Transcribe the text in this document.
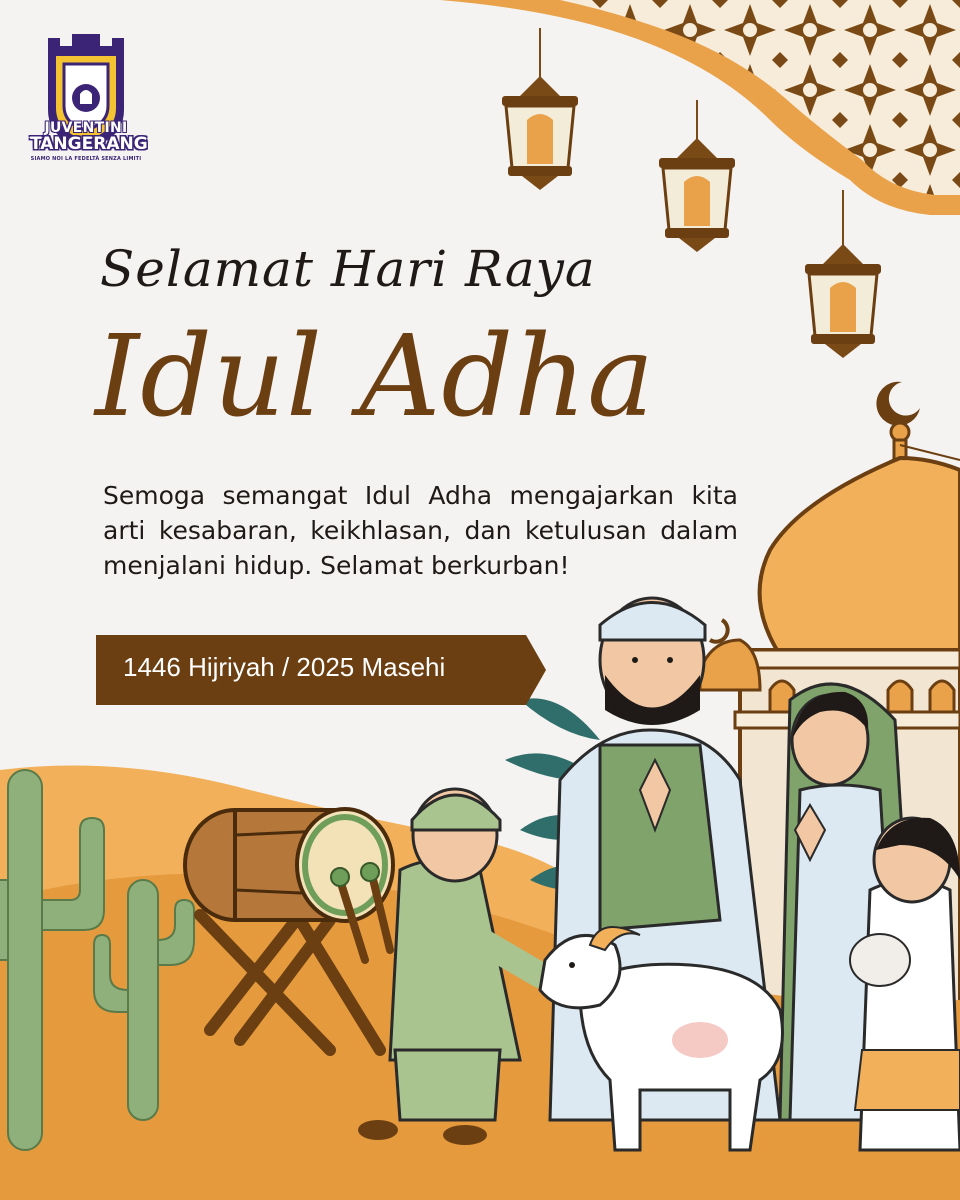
JUVENTINI
TANGERANG
SIAMO NOI LA FEDELTÀ SENZA LIMITI
Selamat Hari Raya
Idul Adha
Semoga semangat Idul Adha mengajarkan kita arti kesabaran, keikhlasan, dan ketulusan dalam menjalani hidup. Selamat berkurban!
1446 Hijriyah / 2025 Masehi
